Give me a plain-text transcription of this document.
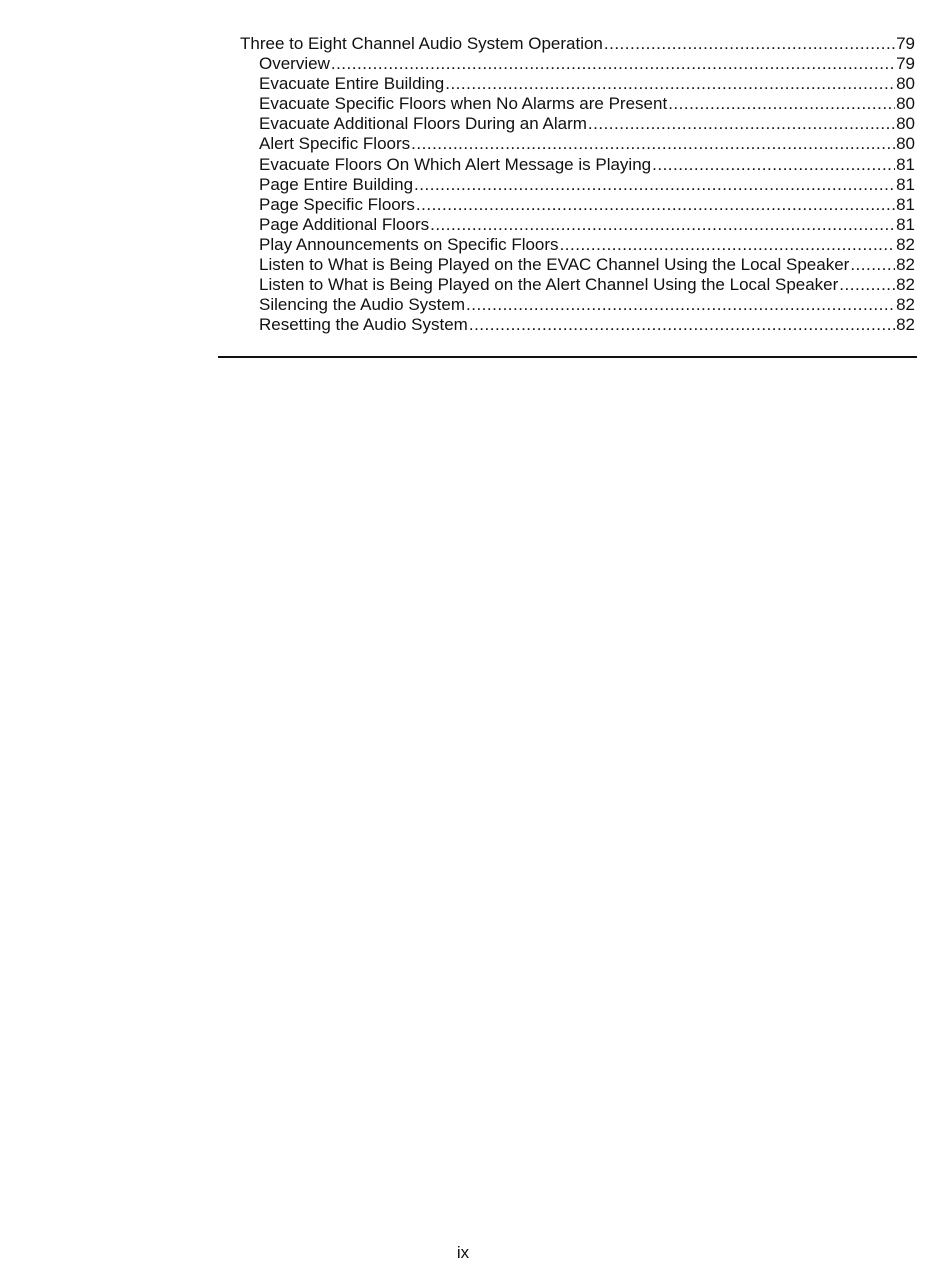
Three to Eight Channel Audio System Operation .....	79
Overview .....	79
Evacuate Entire Building .....	80
Evacuate Specific Floors when No Alarms are Present .....	80
Evacuate Additional Floors During an Alarm .....	80
Alert Specific Floors .....	80
Evacuate Floors On Which Alert Message is Playing .....	81
Page Entire Building .....	81
Page Specific Floors .....	81
Page Additional Floors .....	81
Play Announcements on Specific Floors .....	82
Listen to What is Being Played on the EVAC Channel Using the Local Speaker .....	82
Listen to What is Being Played on the Alert Channel Using the Local Speaker .....	82
Silencing the Audio System .....	82
Resetting the Audio System .....	82
ix
